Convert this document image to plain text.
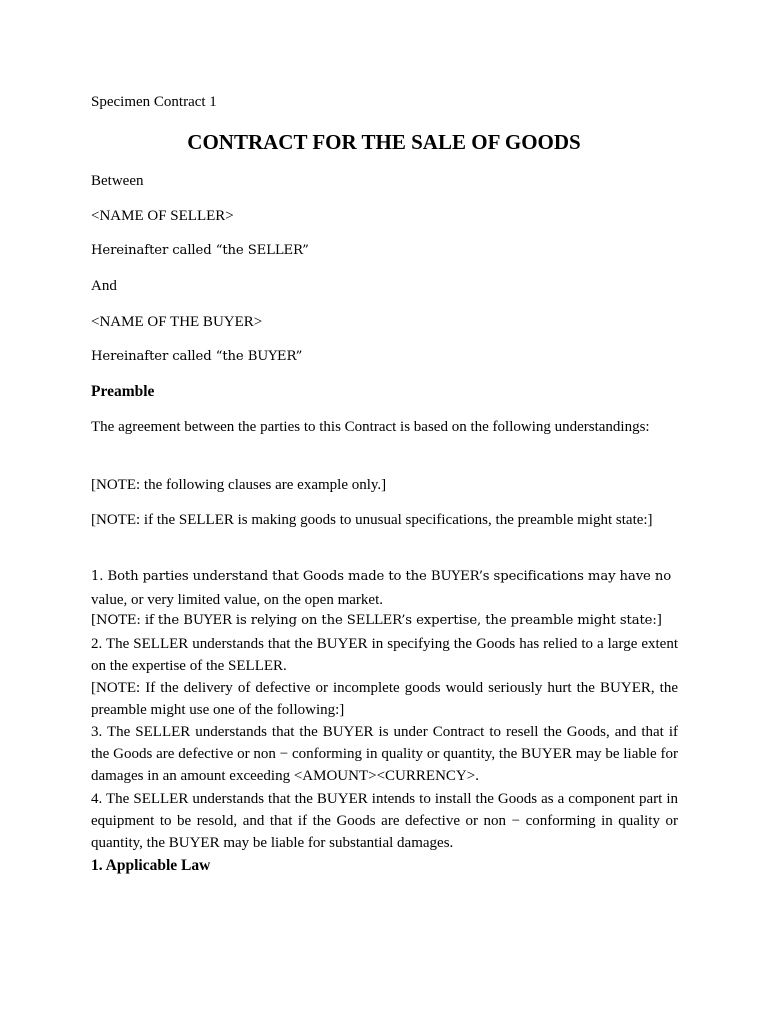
Specimen Contract 1
CONTRACT FOR THE SALE OF GOODS
Between
<NAME OF SELLER>
Hereinafter called “the SELLER”
And
<NAME OF THE BUYER>
Hereinafter called “the BUYER”
Preamble
The agreement between the parties to this Contract is based on the following understandings:
[NOTE: the following clauses are example only.]
[NOTE: if the SELLER is making goods to unusual specifications, the preamble might state:]
1. Both parties understand that Goods made to the BUYER’s specifications may have no
value, or very limited value, on the open market.
[NOTE: if the BUYER is relying on the SELLER’s expertise, the preamble might state:]
2. The SELLER understands that the BUYER in specifying the Goods has relied to a large extent on the expertise of the SELLER.
[NOTE: If the delivery of defective or incomplete goods would seriously hurt the BUYER, the preamble might use one of the following:]
3. The SELLER understands that the BUYER is under Contract to resell the Goods, and that if the Goods are defective or non − conforming in quality or quantity, the BUYER may be liable for damages in an amount exceeding <AMOUNT><CURRENCY>.
4. The SELLER understands that the BUYER intends to install the Goods as a component part in equipment to be resold, and that if the Goods are defective or non − conforming in quality or quantity, the BUYER may be liable for substantial damages.
1. Applicable Law
